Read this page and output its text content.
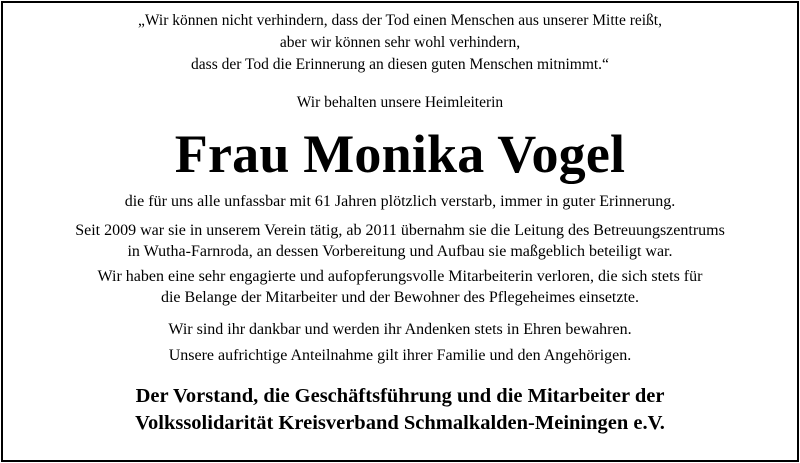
„Wir können nicht verhindern, dass der Tod einen Menschen aus unserer Mitte reißt,
aber wir können sehr wohl verhindern,
dass der Tod die Erinnerung an diesen guten Menschen mitnimmt.“
Wir behalten unsere Heimleiterin
Frau Monika Vogel
die für uns alle unfassbar mit 61 Jahren plötzlich verstarb, immer in guter Erinnerung.
Seit 2009 war sie in unserem Verein tätig, ab 2011 übernahm sie die Leitung des Betreuungszentrums
in Wutha-Farnroda, an dessen Vorbereitung und Aufbau sie maßgeblich beteiligt war.
Wir haben eine sehr engagierte und aufopferungsvolle Mitarbeiterin verloren, die sich stets für
die Belange der Mitarbeiter und der Bewohner des Pflegeheimes einsetzte.
Wir sind ihr dankbar und werden ihr Andenken stets in Ehren bewahren.
Unsere aufrichtige Anteilnahme gilt ihrer Familie und den Angehörigen.
Der Vorstand, die Geschäftsführung und die Mitarbeiter der
Volkssolidarität Kreisverband Schmalkalden-Meiningen e.V.
